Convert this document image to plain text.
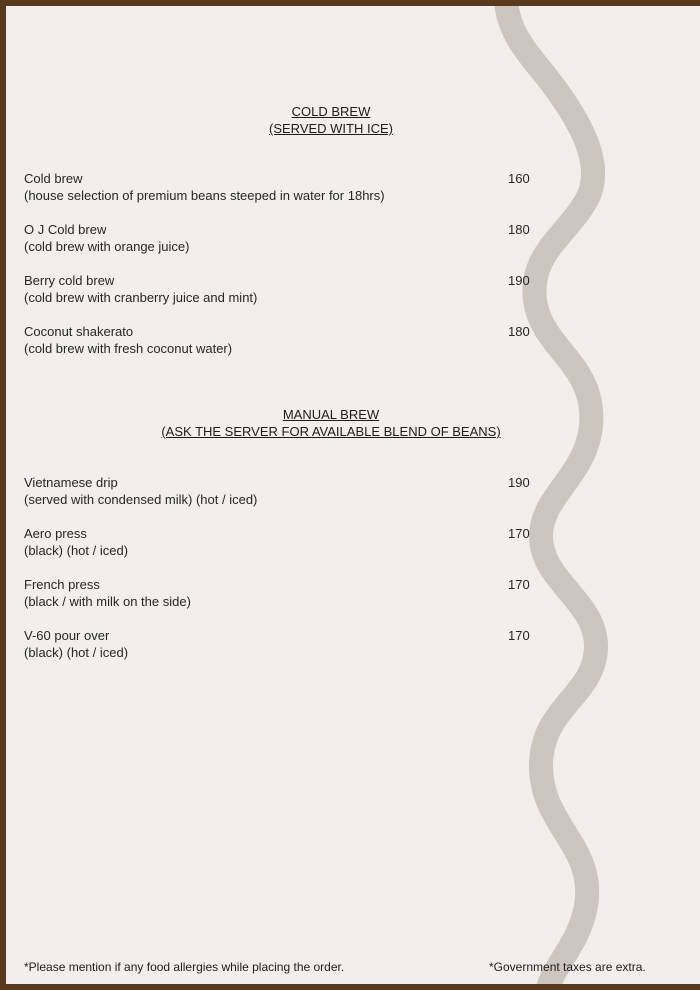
COLD BREW
(SERVED WITH ICE)
Cold brew
(house selection of premium beans steeped in water for 18hrs)
160
O J Cold brew
(cold brew with orange juice)
180
Berry cold brew
(cold brew with cranberry juice and mint)
190
Coconut shakerato
(cold brew with fresh coconut water)
180
MANUAL BREW
(ASK THE SERVER FOR AVAILABLE BLEND OF BEANS)
Vietnamese drip
(served with condensed milk) (hot / iced)
190
Aero press
(black) (hot / iced)
170
French press
(black / with milk on the side)
170
V-60 pour over
(black) (hot / iced)
170
*Please mention if any food allergies while placing the order.	*Government taxes are extra.
